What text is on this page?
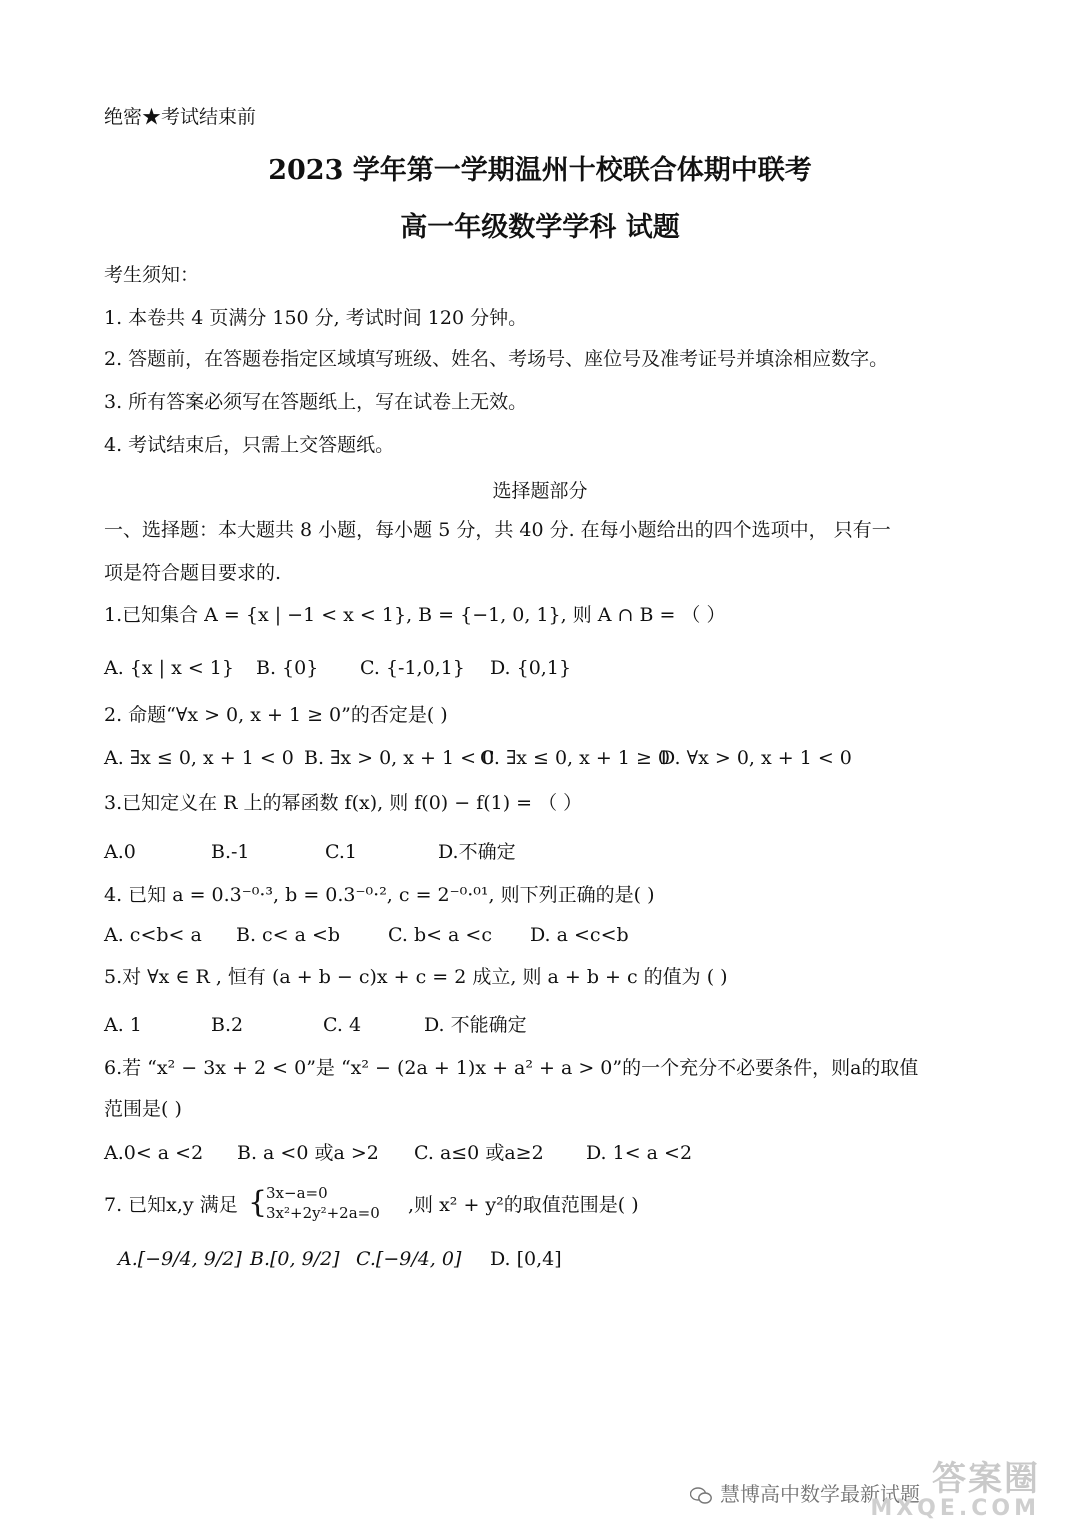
绝密★考试结束前
2023 学年第一学期温州十校联合体期中联考
高一年级数学学科 试题
考生须知：
1. 本卷共 4 页满分 150 分, 考试时间 120 分钟。
2. 答题前，在答题卷指定区域填写班级、姓名、考场号、座位号及准考证号并填涂相应数字。
3. 所有答案必须写在答题纸上，写在试卷上无效。
4. 考试结束后，只需上交答题纸。
选择题部分
一、选择题：本大题共 8 小题，每小题 5 分，共 40 分. 在每小题给出的四个选项中， 只有一
项是符合题目要求的.
1.已知集合 A = {x | −1 < x < 1}, B = {−1, 0, 1}, 则 A ∩ B = （ ）
A. {x | x < 1} B. {0} C. {-1,0,1} D. {0,1}
2. 命题“∀x > 0, x + 1 ≥ 0”的否定是( )
A. ∃x ≤ 0, x + 1 < 0 B. ∃x > 0, x + 1 < 0
C. ∃x ≤ 0, x + 1 ≥ 0
D. ∀x > 0, x + 1 < 0
3.已知定义在 R 上的幂函数 f(x), 则 f(0) − f(1) = （ ）
A.0	B.-1	C.1	D.不确定
4. 已知 a = 0.3⁻⁰·³, b = 0.3⁻⁰·², c = 2⁻⁰·⁰¹, 则下列正确的是( )
A. c<b< a B. c< a <b	C. b< a <c D. a <c<b
5.对 ∀x ∈ R , 恒有 (a + b − c)x + c = 2 成立, 则 a + b + c 的值为 ( )
A. 1	B.2	C. 4	D. 不能确定
6.若 “x² − 3x + 2 < 0”是 “x² − (2a + 1)x + a² + a > 0”的一个充分不必要条件，则a的取值
范围是( )
A.0< a <2 B. a <0 或a >2 C. a≤0 或a≥2 D. 1< a <2
7. 已知x,y 满足 {
3x−a=0
3x²+2y²+2a=0 ,则 x² + y²的取值范围是( )
A.[−9/4, 9/2] B.[0, 9/2] C.[−9/4, 0] D. [0,4]
答案圈
慧博高中数学最新试题
MXQE.COM
